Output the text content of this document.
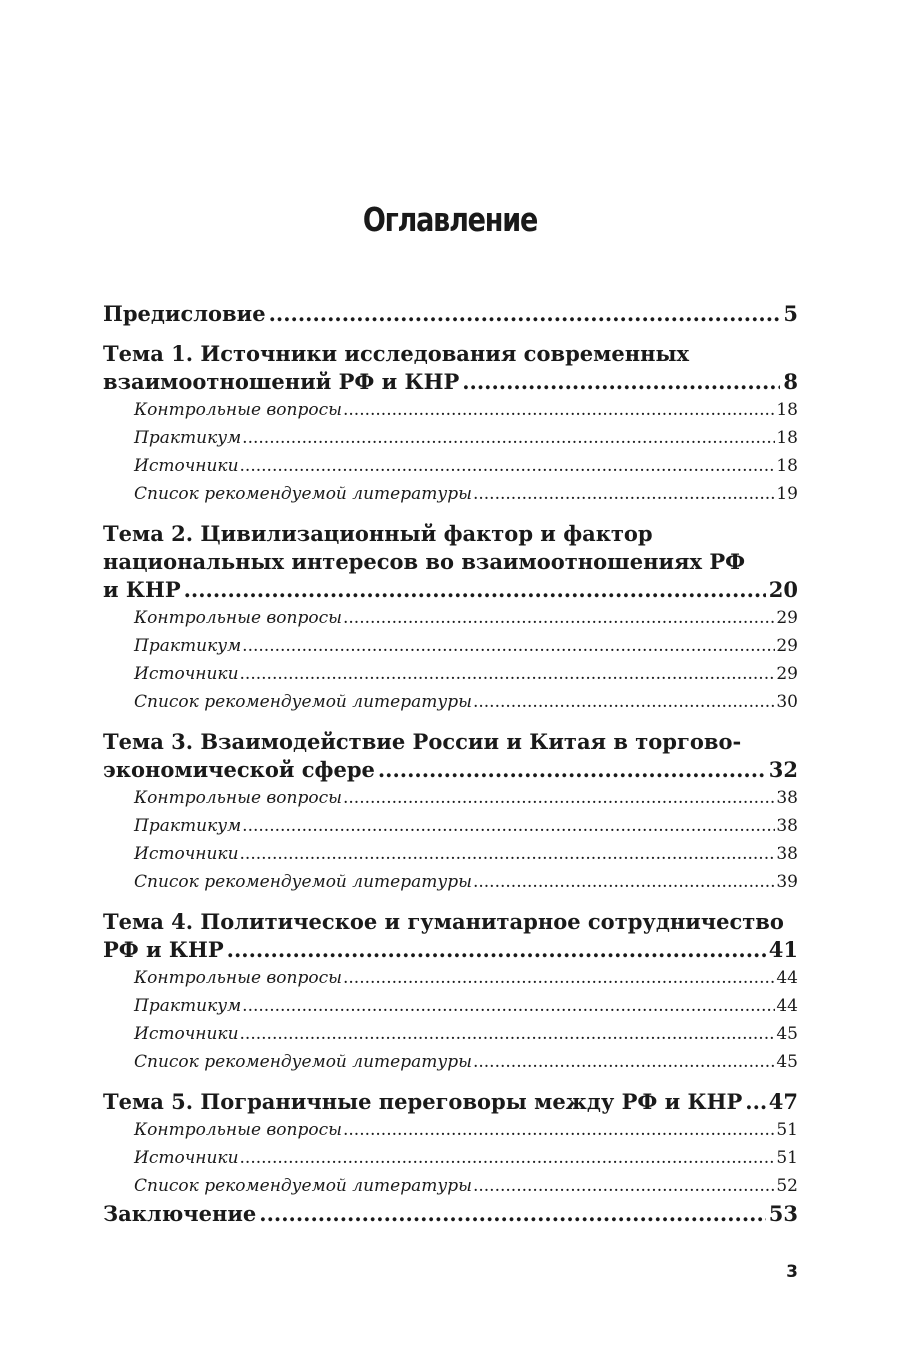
Оглавление
Предисловие .....	5
Тема 1. Источники исследования современных
взаимоотношений РФ и КНР .....	8
Контрольные вопросы .....	18
Практикум .....	18
Источники .....	18
Список рекомендуемой литературы .....	19
Тема 2. Цивилизационный фактор и фактор
национальных интересов во взаимоотношениях РФ
и КНР .....	20
Контрольные вопросы .....	29
Практикум .....	29
Источники .....	29
Список рекомендуемой литературы .....	30
Тема 3. Взаимодействие России и Китая в торгово-
экономической сфере .....	32
Контрольные вопросы .....	38
Практикум .....	38
Источники .....	38
Список рекомендуемой литературы .....	39
Тема 4. Политическое и гуманитарное сотрудничество
РФ и КНР .....	41
Контрольные вопросы .....	44
Практикум .....	44
Источники .....	45
Список рекомендуемой литературы .....	45
Тема 5. Пограничные переговоры между РФ и КНР ..... 47
Контрольные вопросы .....	51
Источники .....	51
Список рекомендуемой литературы .....	52
Заключение .....	53
3
